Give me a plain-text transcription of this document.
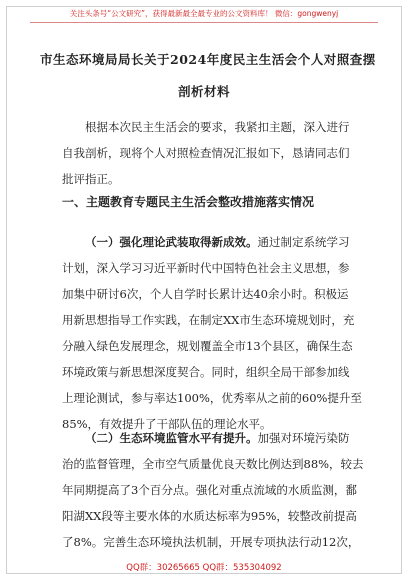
关注头条号“公文研究”，获得最新最全最专业的公文资料库！ 微信：gongwenyj
市生态环境局局长关于2024年度民主生活会个人对照查摆
剖析材料
根据本次民主生活会的要求，我紧扣主题，深入进行
自我剖析，现将个人对照检查情况汇报如下，恳请同志们
批评指正。
一、主题教育专题民主生活会整改措施落实情况
（一）强化理论武装取得新成效。通过制定系统学习
计划，深入学习习近平新时代中国特色社会主义思想，参
加集中研讨6次，个人自学时长累计达40余小时。积极运
用新思想指导工作实践，在制定XX市生态环境规划时，充
分融入绿色发展理念，规划覆盖全市13个县区，确保生态
环境政策与新思想深度契合。同时，组织全局干部参加线
上理论测试，参与率达100%，优秀率从之前的60%提升至
85%，有效提升了干部队伍的理论水平。
（二）生态环境监管水平有提升。加强对环境污染防
治的监督管理，全市空气质量优良天数比例达到88%，较去
年同期提高了3个百分点。强化对重点流域的水质监测，鄱
阳湖XX段等主要水体的水质达标率为95%，较整改前提高
了8%。完善生态环境执法机制，开展专项执法行动12次，
QQ群：30265665 QQ群：535304092
